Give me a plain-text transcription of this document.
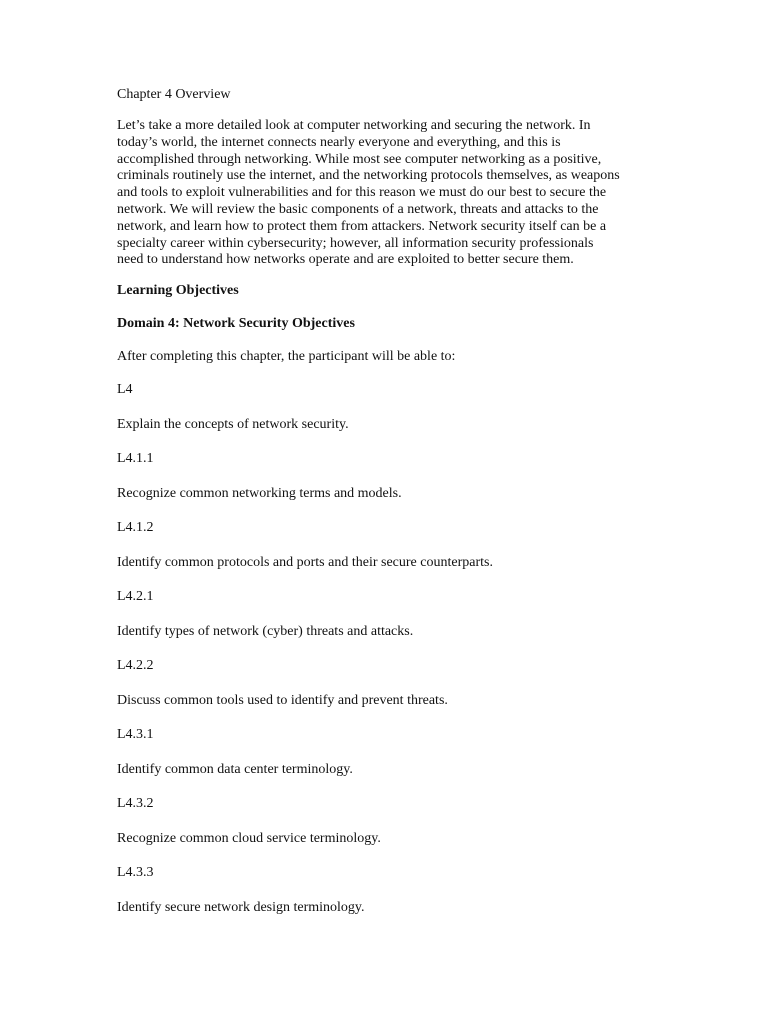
Chapter 4 Overview

Let’s take a more detailed look at computer networking and securing the network. In today’s world, the internet connects nearly everyone and everything, and this is accomplished through networking. While most see computer networking as a positive, criminals routinely use the internet, and the networking protocols themselves, as weapons and tools to exploit vulnerabilities and for this reason we must do our best to secure the network. We will review the basic components of a network, threats and attacks to the network, and learn how to protect them from attackers. Network security itself can be a specialty career within cybersecurity; however, all information security professionals need to understand how networks operate and are exploited to better secure them.

Learning Objectives
Domain 4: Network Security Objectives
After completing this chapter, the participant will be able to:
L4
Explain the concepts of network security.
L4.1.1
Recognize common networking terms and models.
L4.1.2
Identify common protocols and ports and their secure counterparts.
L4.2.1
Identify types of network (cyber) threats and attacks.
L4.2.2
Discuss common tools used to identify and prevent threats.
L4.3.1
Identify common data center terminology.
L4.3.2
Recognize common cloud service terminology.
L4.3.3
Identify secure network design terminology.
